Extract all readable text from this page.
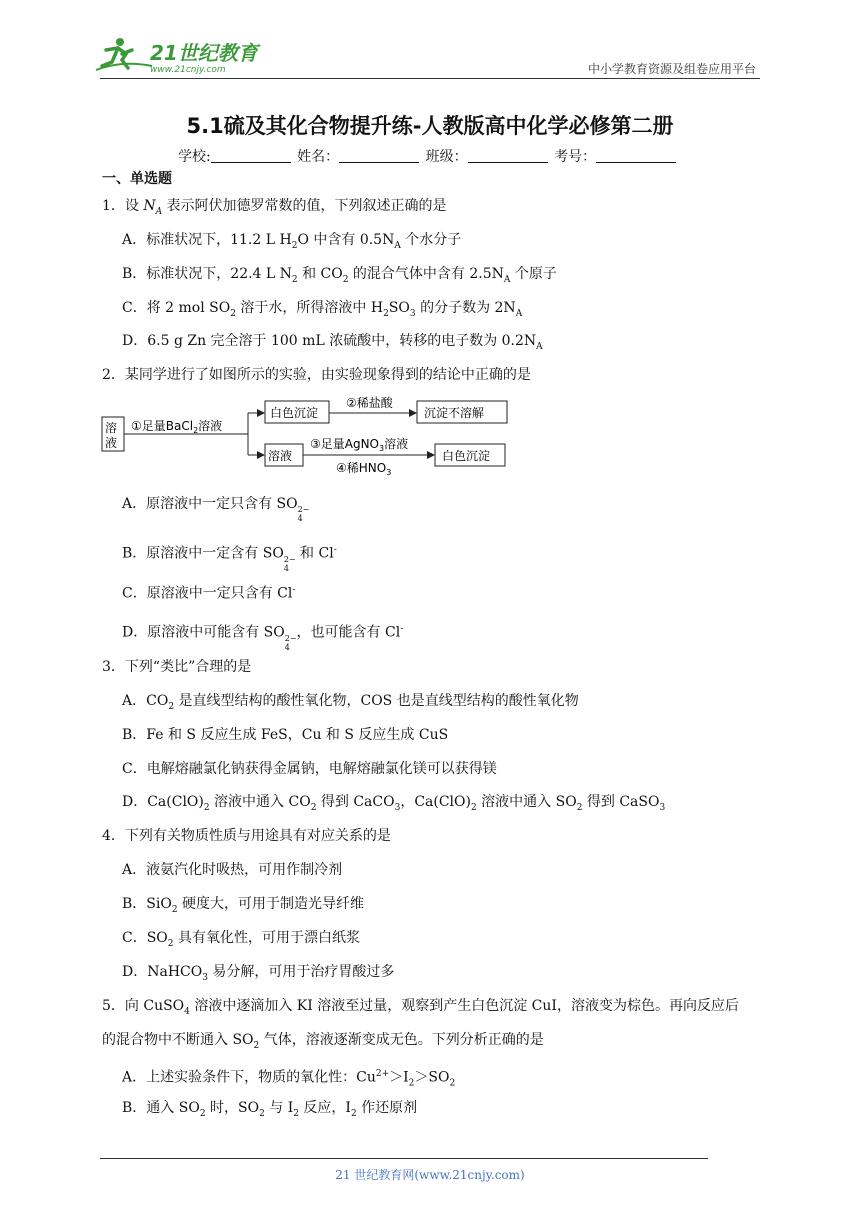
21世纪教育
www.21cnjy.com	中小学教育资源及组卷应用平台
5.1硫及其化合物提升练-人教版高中化学必修第二册
学校:	姓名：	班级：	考号：
一、单选题
1．设 $N_A$ 表示阿伏加德罗常数的值，下列叙述正确的是
A．标准状况下，11.2 L $H_2O$ 中含有 $0.5N_A$ 个水分子
B．标准状况下，22.4 L $N_2$ 和 $CO_2$ 的混合气体中含有 $2.5N_A$ 个原子
C．将 2 mol $SO_2$ 溶于水，所得溶液中 $H_2SO_3$ 的分子数为 $2N_A$
D．6.5 g Zn 完全溶于 100 mL 浓硫酸中，转移的电子数为 $0.2N_A$
2．某同学进行了如图所示的实验，由实验现象得到的结论中正确的是
溶
液
①足量BaCl$_2$溶液
白色沉淀
②稀盐酸
沉淀不溶解
溶液
③足量AgNO$_3$溶液
④稀$HNO_3$
白色沉淀
A．原溶液中一定只含有 SO 2−
4
B．原溶液中一定含有 SO 2−
4
和 Cl-
C．原溶液中一定只含有 Cl-
D．原溶液中可能含有 SO 2−
4
，也可能含有 Cl-
3．下列“类比”合理的是
A．$CO_2$ 是直线型结构的酸性氧化物，COS 也是直线型结构的酸性氧化物
B．Fe 和 S 反应生成 FeS，Cu 和 S 反应生成 CuS
C．电解熔融氯化钠获得金属钠，电解熔融氯化镁可以获得镁
D．$Ca(ClO)_2$ 溶液中通入 $CO_2$ 得到 CaCO$_3$，$Ca(ClO)_2$ 溶液中通入 $SO_2$ 得到 CaSO$_3$
4．下列有关物质性质与用途具有对应关系的是
A．液氨汽化时吸热，可用作制冷剂
B．SiO$_2$ 硬度大，可用于制造光导纤维
C．$SO_2$ 具有氧化性，可用于漂白纸浆
D．NaHCO$_3$ 易分解，可用于治疗胃酸过多
5．向 CuSO$_4$ 溶液中逐滴加入 KI 溶液至过量，观察到产生白色沉淀 CuI，溶液变为棕色。再向反应后
的混合物中不断通入 $SO_2$ 气体，溶液逐渐变成无色。下列分析正确的是
A．上述实验条件下，物质的氧化性：$Cu^{2+}>I_2>SO_2$
B．通入 $SO_2$ 时，$SO_2$ 与 $I_2$ 反应，$I_2$ 作还原剂
21 世纪教育网(www.21cnjy.com)
